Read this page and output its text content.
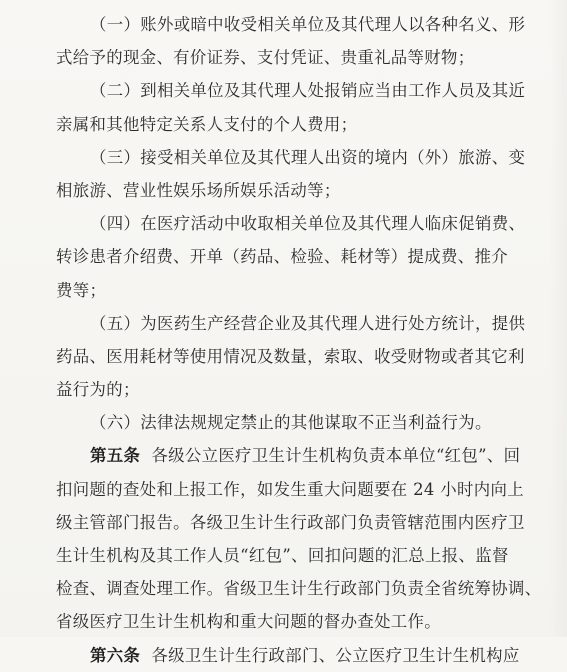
（一）账外或暗中收受相关单位及其代理人以各种名义、形
式给予的现金、有价证券、支付凭证、贵重礼品等财物；
（二）到相关单位及其代理人处报销应当由工作人员及其近
亲属和其他特定关系人支付的个人费用；
（三）接受相关单位及其代理人出资的境内（外）旅游、变
相旅游、营业性娱乐场所娱乐活动等；
（四）在医疗活动中收取相关单位及其代理人临床促销费、
转诊患者介绍费、开单（药品、检验、耗材等）提成费、推介
费等；
（五）为医药生产经营企业及其代理人进行处方统计，提供
药品、医用耗材等使用情况及数量，索取、收受财物或者其它利
益行为的；
（六）法律法规规定禁止的其他谋取不正当利益行为。
第五条  各级公立医疗卫生计生机构负责本单位“红包”、回
扣问题的查处和上报工作，如发生重大问题要在 24 小时内向上
级主管部门报告。各级卫生计生行政部门负责管辖范围内医疗卫
生计生机构及其工作人员“红包”、回扣问题的汇总上报、监督
检查、调查处理工作。省级卫生计生行政部门负责全省统筹协调、
省级医疗卫生计生机构和重大问题的督办查处工作。
第六条  各级卫生计生行政部门、公立医疗卫生计生机构应
